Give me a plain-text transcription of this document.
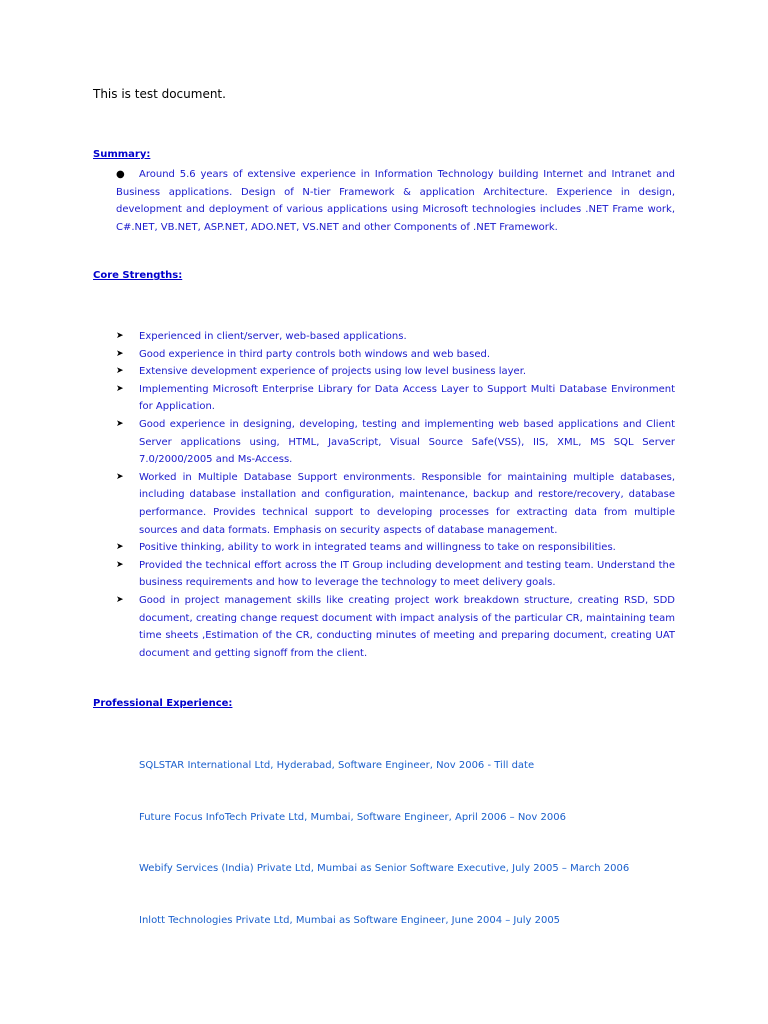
This is test document.
Summary:
●	Around 5.6 years of extensive experience in Information Technology building Internet and Intranet and Business applications. Design of N-tier Framework & application Architecture. Experience in design, development and deployment of various applications using Microsoft technologies includes .NET Frame work, C#.NET, VB.NET, ASP.NET, ADO.NET, VS.NET and other Components of .NET Framework.

Core Strengths:
➤	Experienced in client/server, web-based applications.
➤	Good experience in third party controls both windows and web based.
➤	Extensive development experience of projects using low level business layer.
➤	Implementing Microsoft Enterprise Library for Data Access Layer to Support Multi Database Environment for Application.
➤	Good experience in designing, developing, testing and implementing web based applications and Client Server applications using, HTML, JavaScript, Visual Source Safe(VSS), IIS, XML, MS SQL Server 7.0/2000/2005 and Ms-Access.
➤	Worked in Multiple Database Support environments. Responsible for maintaining multiple databases, including database installation and configuration, maintenance, backup and restore/recovery, database performance. Provides technical support to developing processes for extracting data from multiple sources and data formats. Emphasis on security aspects of database management.
➤	Positive thinking, ability to work in integrated teams and willingness to take on responsibilities.
➤	Provided the technical effort across the IT Group including development and testing team. Understand the business requirements and how to leverage the technology to meet delivery goals.
➤	Good in project management skills like creating project work breakdown structure, creating RSD, SDD document, creating change request document with impact analysis of the particular CR, maintaining team time sheets ,Estimation of the CR, conducting minutes of meeting and preparing document, creating UAT document and getting signoff from the client.
Professional Experience:
SQLSTAR International Ltd, Hyderabad, Software Engineer, Nov 2006 - Till date
Future Focus InfoTech Private Ltd, Mumbai, Software Engineer, April 2006 – Nov 2006
Webify Services (India) Private Ltd, Mumbai as Senior Software Executive, July 2005 – March 2006
Inlott Technologies Private Ltd, Mumbai as Software Engineer, June 2004 – July 2005
